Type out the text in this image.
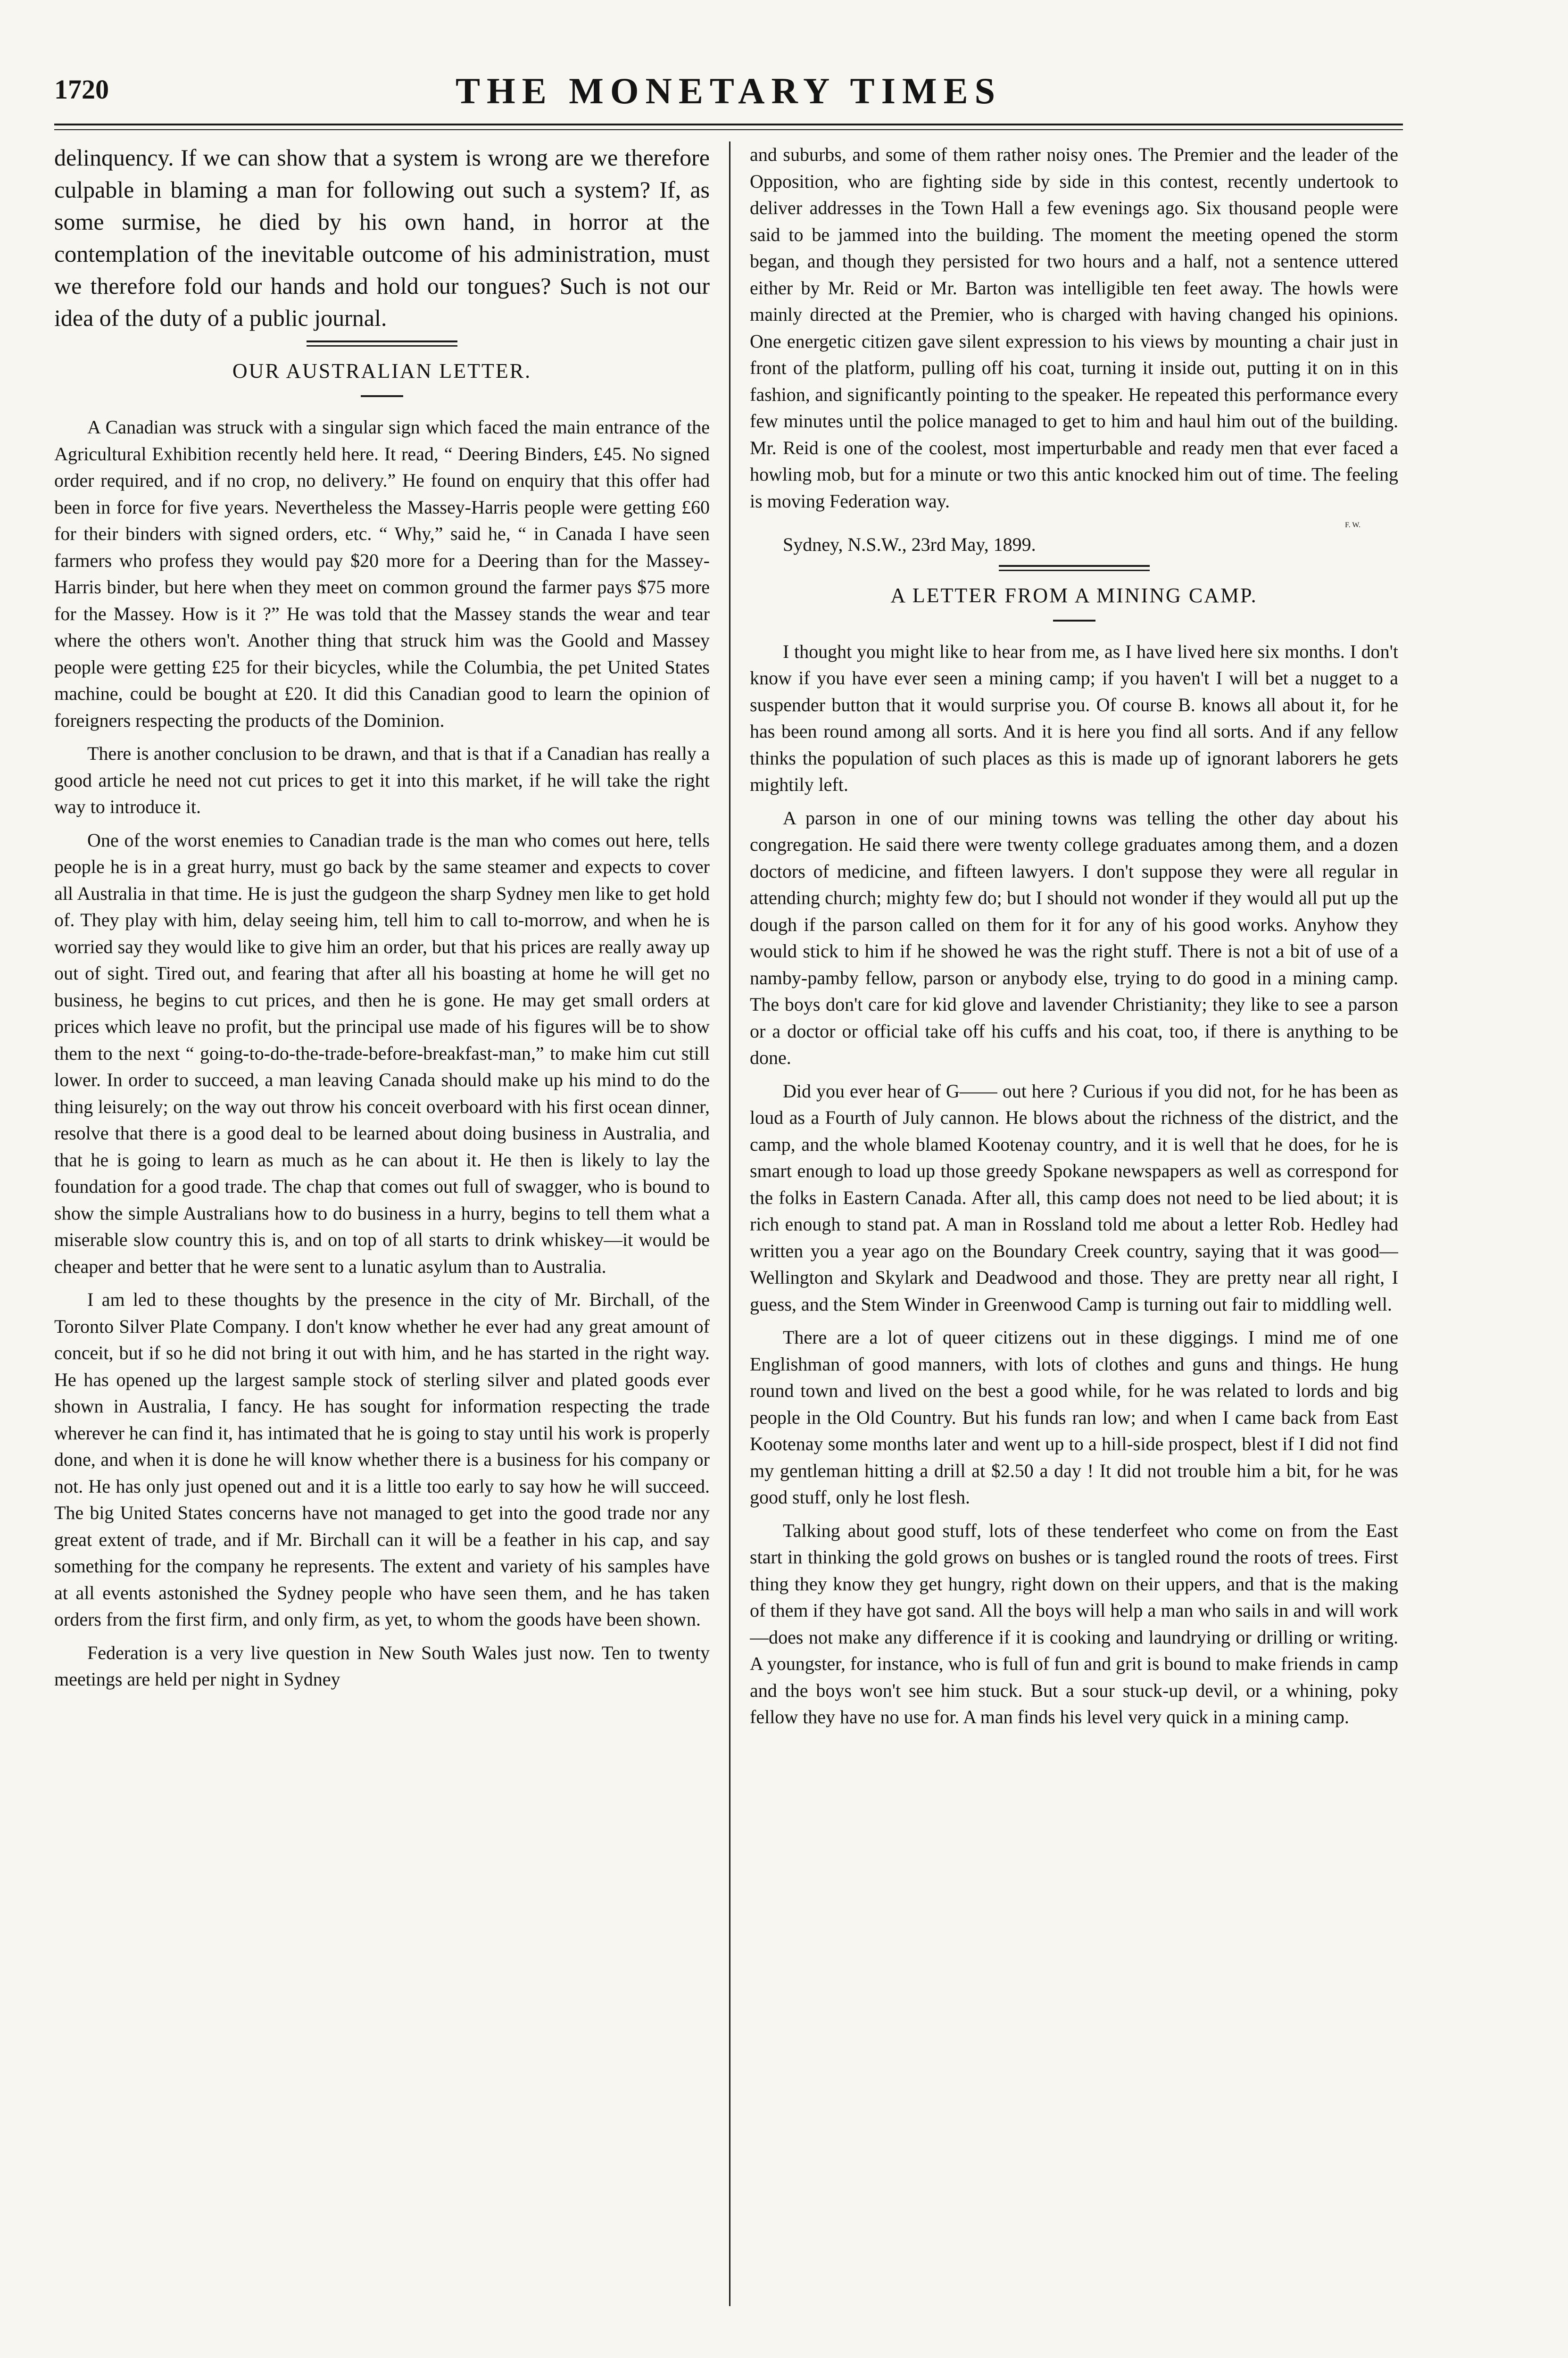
1720	THE MONETARY TIMES

delinquency. If we can show that a system is wrong are we therefore culpable in blaming a man for following out such a system? If, as some surmise, he died by his own hand, in horror at the contemplation of the inevitable outcome of his administration, must we therefore fold our hands and hold our tongues? Such is not our idea of the duty of a public journal.

OUR AUSTRALIAN LETTER.

A Canadian was struck with a singular sign which faced the main entrance of the Agricultural Exhibition recently held here. It read, “ Deering Binders, £45. No signed order required, and if no crop, no delivery.” He found on enquiry that this offer had been in force for five years. Nevertheless the Massey-Harris people were getting £60 for their binders with signed orders, etc. “ Why,” said he, “ in Canada I have seen farmers who profess they would pay $20 more for a Deering than for the Massey-Harris binder, but here when they meet on common ground the farmer pays $75 more for the Massey. How is it ?” He was told that the Massey stands the wear and tear where the others won't. Another thing that struck him was the Goold and Massey people were getting £25 for their bicycles, while the Columbia, the pet United States machine, could be bought at £20. It did this Canadian good to learn the opinion of foreigners respecting the products of the Dominion.

There is another conclusion to be drawn, and that is that if a Canadian has really a good article he need not cut prices to get it into this market, if he will take the right way to introduce it.

One of the worst enemies to Canadian trade is the man who comes out here, tells people he is in a great hurry, must go back by the same steamer and expects to cover all Australia in that time. He is just the gudgeon the sharp Sydney men like to get hold of. They play with him, delay seeing him, tell him to call to-morrow, and when he is worried say they would like to give him an order, but that his prices are really away up out of sight. Tired out, and fearing that after all his boasting at home he will get no business, he begins to cut prices, and then he is gone. He may get small orders at prices which leave no profit, but the principal use made of his figures will be to show them to the next “ going-to-do-the-trade-before-breakfast-man,” to make him cut still lower. In order to succeed, a man leaving Canada should make up his mind to do the thing leisurely; on the way out throw his conceit overboard with his first ocean dinner, resolve that there is a good deal to be learned about doing business in Australia, and that he is going to learn as much as he can about it. He then is likely to lay the foundation for a good trade. The chap that comes out full of swagger, who is bound to show the simple Australians how to do business in a hurry, begins to tell them what a miserable slow country this is, and on top of all starts to drink whiskey—it would be cheaper and better that he were sent to a lunatic asylum than to Australia.

I am led to these thoughts by the presence in the city of Mr. Birchall, of the Toronto Silver Plate Company. I don't know whether he ever had any great amount of conceit, but if so he did not bring it out with him, and he has started in the right way. He has opened up the largest sample stock of sterling silver and plated goods ever shown in Australia, I fancy. He has sought for information respecting the trade wherever he can find it, has intimated that he is going to stay until his work is properly done, and when it is done he will know whether there is a business for his company or not. He has only just opened out and it is a little too early to say how he will succeed. The big United States concerns have not managed to get into the good trade nor any great extent of trade, and if Mr. Birchall can it will be a feather in his cap, and say something for the company he represents. The extent and variety of his samples have at all events astonished the Sydney people who have seen them, and he has taken orders from the first firm, and only firm, as yet, to whom the goods have been shown.

Federation is a very live question in New South Wales just now. Ten to twenty meetings are held per night in Sydney

and suburbs, and some of them rather noisy ones. The Premier and the leader of the Opposition, who are fighting side by side in this contest, recently undertook to deliver addresses in the Town Hall a few evenings ago. Six thousand people were said to be jammed into the building. The moment the meeting opened the storm began, and though they persisted for two hours and a half, not a sentence uttered either by Mr. Reid or Mr. Barton was intelligible ten feet away. The howls were mainly directed at the Premier, who is charged with having changed his opinions. One energetic citizen gave silent expression to his views by mounting a chair just in front of the platform, pulling off his coat, turning it inside out, putting it on in this fashion, and significantly pointing to the speaker. He repeated this performance every few minutes until the police managed to get to him and haul him out of the building. Mr. Reid is one of the coolest, most imperturbable and ready men that ever faced a howling mob, but for a minute or two this antic knocked him out of time. The feeling is moving Federation way.

F. W.

Sydney, N.S.W., 23rd May, 1899.

A LETTER FROM A MINING CAMP.

I thought you might like to hear from me, as I have lived here six months. I don't know if you have ever seen a mining camp; if you haven't I will bet a nugget to a suspender button that it would surprise you. Of course B. knows all about it, for he has been round among all sorts. And it is here you find all sorts. And if any fellow thinks the population of such places as this is made up of ignorant laborers he gets mightily left.

A parson in one of our mining towns was telling the other day about his congregation. He said there were twenty college graduates among them, and a dozen doctors of medicine, and fifteen lawyers. I don't suppose they were all regular in attending church; mighty few do; but I should not wonder if they would all put up the dough if the parson called on them for it for any of his good works. Anyhow they would stick to him if he showed he was the right stuff. There is not a bit of use of a namby-pamby fellow, parson or anybody else, trying to do good in a mining camp. The boys don't care for kid glove and lavender Christianity; they like to see a parson or a doctor or official take off his cuffs and his coat, too, if there is anything to be done.

Did you ever hear of G—— out here ? Curious if you did not, for he has been as loud as a Fourth of July cannon. He blows about the richness of the district, and the camp, and the whole blamed Kootenay country, and it is well that he does, for he is smart enough to load up those greedy Spokane newspapers as well as correspond for the folks in Eastern Canada. After all, this camp does not need to be lied about; it is rich enough to stand pat. A man in Rossland told me about a letter Rob. Hedley had written you a year ago on the Boundary Creek country, saying that it was good—Wellington and Skylark and Deadwood and those. They are pretty near all right, I guess, and the Stem Winder in Greenwood Camp is turning out fair to middling well.

There are a lot of queer citizens out in these diggings. I mind me of one Englishman of good manners, with lots of clothes and guns and things. He hung round town and lived on the best a good while, for he was related to lords and big people in the Old Country. But his funds ran low; and when I came back from East Kootenay some months later and went up to a hill-side prospect, blest if I did not find my gentleman hitting a drill at $2.50 a day ! It did not trouble him a bit, for he was good stuff, only he lost flesh.

Talking about good stuff, lots of these tenderfeet who come on from the East start in thinking the gold grows on bushes or is tangled round the roots of trees. First thing they know they get hungry, right down on their uppers, and that is the making of them if they have got sand. All the boys will help a man who sails in and will work—does not make any difference if it is cooking and laundrying or drilling or writing. A youngster, for instance, who is full of fun and grit is bound to make friends in camp and the boys won't see him stuck. But a sour stuck-up devil, or a whining, poky fellow they have no use for. A man finds his level very quick in a mining camp.
